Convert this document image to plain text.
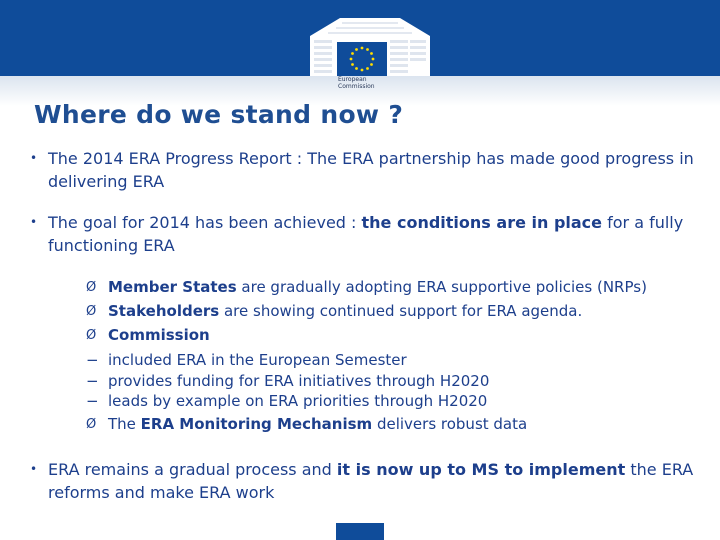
European
Commission
Where do we stand now ?
• The 2014 ERA Progress Report : The ERA partnership has made good progress in delivering ERA
• The goal for 2014 has been achieved : the conditions are in place for a fully functioning ERA
Ø Member States are gradually adopting ERA supportive policies (NRPs)
Ø Stakeholders are showing continued support for ERA agenda.
Ø Commission
− included ERA in the European Semester
− provides funding for ERA initiatives through H2020
− leads by example on ERA priorities through H2020
Ø The ERA Monitoring Mechanism delivers robust data
• ERA remains a gradual process and it is now up to MS to implement the ERA reforms and make ERA work
